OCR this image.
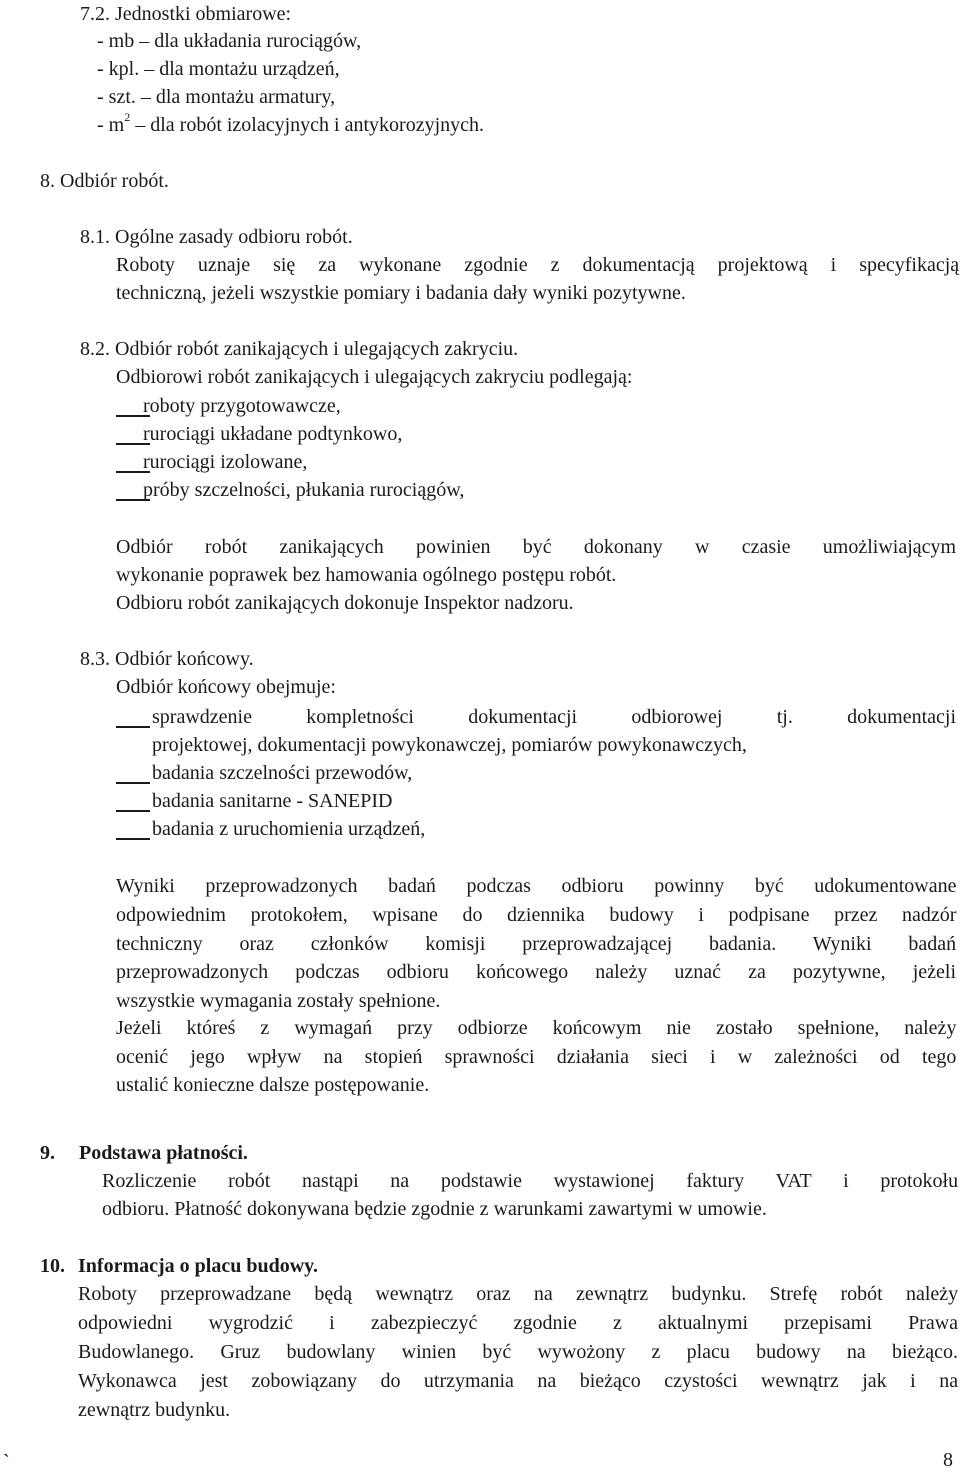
7.2. Jednostki obmiarowe:
- mb – dla układania rurociągów,
- kpl. – dla montażu urządzeń,
- szt. – dla montażu armatury,
- $m^2$ – dla robót izolacyjnych i antykorozyjnych.
8. Odbiór robót.
8.1. Ogólne zasady odbioru robót.
Roboty uznaje się za wykonane zgodnie z dokumentacją projektową i specyfikacją
techniczną, jeżeli wszystkie pomiary i badania dały wyniki pozytywne.
8.2. Odbiór robót zanikających i ulegających zakryciu.
Odbiorowi robót zanikających i ulegających zakryciu podlegają:
roboty przygotowawcze,
rurociągi układane podtynkowo,
rurociągi izolowane,
próby szczelności, płukania rurociągów,
Odbiór robót zanikających powinien być dokonany w czasie umożliwiającym
wykonanie poprawek bez hamowania ogólnego postępu robót.
Odbioru robót zanikających dokonuje Inspektor nadzoru.
8.3. Odbiór końcowy.
Odbiór końcowy obejmuje:
sprawdzenie	kompletności	dokumentacji	odbiorowej	tj.	dokumentacji
projektowej, dokumentacji powykonawczej, pomiarów powykonawczych,
badania szczelności przewodów,
badania sanitarne - SANEPID
badania z uruchomienia urządzeń,
Wyniki przeprowadzonych badań podczas odbioru powinny być udokumentowane
odpowiednim protokołem, wpisane do dziennika budowy i podpisane przez nadzór
techniczny oraz członków komisji przeprowadzającej badania. Wyniki badań
przeprowadzonych podczas odbioru końcowego należy uznać za pozytywne, jeżeli
wszystkie wymagania zostały spełnione.
Jeżeli któreś z wymagań przy odbiorze końcowym nie zostało spełnione, należy
ocenić jego wpływ na stopień sprawności działania sieci i w zależności od tego
ustalić konieczne dalsze postępowanie.
9. Podstawa płatności.
Rozliczenie robót nastąpi na podstawie wystawionej faktury VAT i protokołu
odbioru. Płatność dokonywana będzie zgodnie z warunkami zawartymi w umowie.
10. Informacja o placu budowy.
Roboty przeprowadzane będą wewnątrz oraz na zewnątrz budynku. Strefę robót należy
odpowiedni wygrodzić i zabezpieczyć zgodnie z aktualnymi przepisami Prawa
Budowlanego. Gruz budowlany winien być wywożony z placu budowy na bieżąco.
Wykonawca jest zobowiązany do utrzymania na bieżąco czystości wewnątrz jak i na
zewnątrz budynku.
`	8
